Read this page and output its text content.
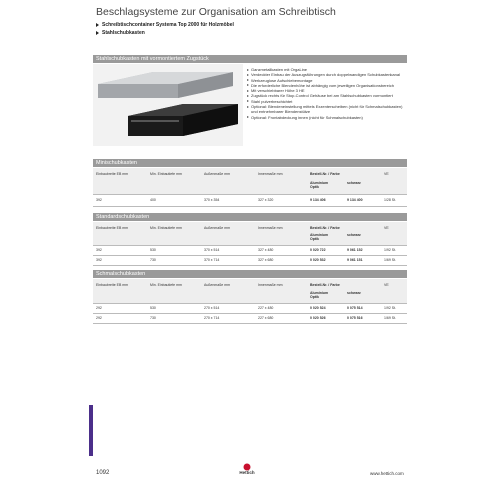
Beschlagsysteme zur Organisation am Schreibtisch
Schreibtischcontainer Systema Top 2000 für Holzmöbel
Stahlschubkasten
Stahlschubkasten mit vormontiertem Zugstück
Ganzmetallkasten mit OrgaLine
Verdeckter Einbau der Auszugsführungen durch doppelwandigen Schubkastenkanal
Werkzeuglose Aufschiebemontage
Die erforderliche Blendenhöhe ist abhängig vom jeweiligen Organisationsbereich
Mit verschiebbarer Höhe 3 HE
Zugstück rechts für Stop-Control Gehäuse bei am Stahlschubkasten vormontiert
Stahl pulverbeschichtet
Optional: Blendeneinstellung mittels Exzenterscheiben (nicht für Schmalschubkasten) und entnehmbarer Blendenstütze
Optional: Frontabdeckung innen (nicht für Schmalschubkasten)
Minischubkasten
Einbaubreite EB mm	Min. Einbautiefe mm	Außenmaße mm	Innenmaße mm	Bestell-Nr. / Farbe	VE
Aluminium Optik
schwarz
392	400	370 x 354	327 x 320	9 134 406	9 134 400	1/28 St.
Standardschubkasten
Einbaubreite EB mm	Min. Einbautiefe mm	Außenmaße mm	Innenmaße mm	Bestell-Nr. / Farbe	VE
Aluminium Optik
schwarz
392	530	370 x 514	327 x 480	0 020 722	9 061 152	1/92 St.
392	730	370 x 714	327 x 680	0 020 532	9 061 151	1/69 St.
Schmalschubkasten
Einbaubreite EB mm	Min. Einbautiefe mm	Außenmaße mm	Innenmaße mm	Bestell-Nr. / Farbe	VE
Aluminium Optik
schwarz
292	530	270 x 514	227 x 480	0 020 524	0 075 514	1/92 St.
292	730	270 x 714	227 x 680	0 020 526	0 075 516	1/69 St.
1092	Hettich	www.hettich.com
